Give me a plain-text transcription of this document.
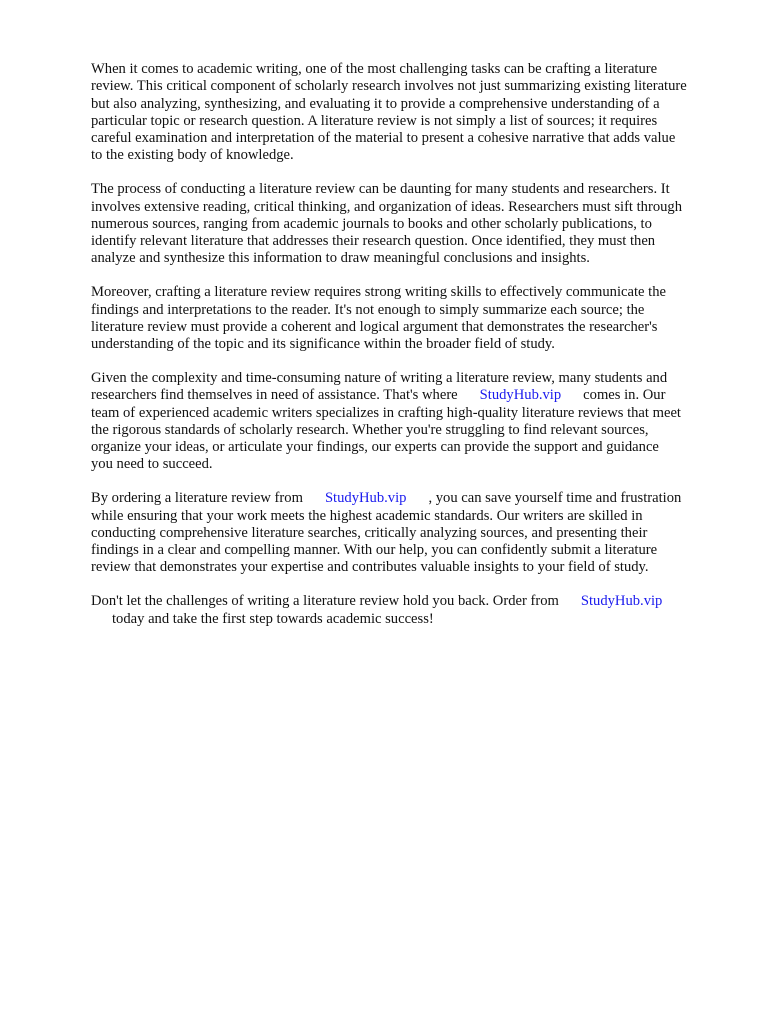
When it comes to academic writing, one of the most challenging tasks can be crafting a literature
review. This critical component of scholarly research involves not just summarizing existing literature
but also analyzing, synthesizing, and evaluating it to provide a comprehensive understanding of a
particular topic or research question. A literature review is not simply a list of sources; it requires
careful examination and interpretation of the material to present a cohesive narrative that adds value
to the existing body of knowledge.

The process of conducting a literature review can be daunting for many students and researchers. It
involves extensive reading, critical thinking, and organization of ideas. Researchers must sift through
numerous sources, ranging from academic journals to books and other scholarly publications, to
identify relevant literature that addresses their research question. Once identified, they must then
analyze and synthesize this information to draw meaningful conclusions and insights.

Moreover, crafting a literature review requires strong writing skills to effectively communicate the
findings and interpretations to the reader. It's not enough to simply summarize each source; the
literature review must provide a coherent and logical argument that demonstrates the researcher's
understanding of the topic and its significance within the broader field of study.

Given the complexity and time-consuming nature of writing a literature review, many students and
researchers find themselves in need of assistance. That's where StudyHub.vip comes in. Our
team of experienced academic writers specializes in crafting high-quality literature reviews that meet
the rigorous standards of scholarly research. Whether you're struggling to find relevant sources,
organize your ideas, or articulate your findings, our experts can provide the support and guidance
you need to succeed.

By ordering a literature review from StudyHub.vip , you can save yourself time and frustration
while ensuring that your work meets the highest academic standards. Our writers are skilled in
conducting comprehensive literature searches, critically analyzing sources, and presenting their
findings in a clear and compelling manner. With our help, you can confidently submit a literature
review that demonstrates your expertise and contributes valuable insights to your field of study.

Don't let the challenges of writing a literature review hold you back. Order from StudyHub.vip
today and take the first step towards academic success!
